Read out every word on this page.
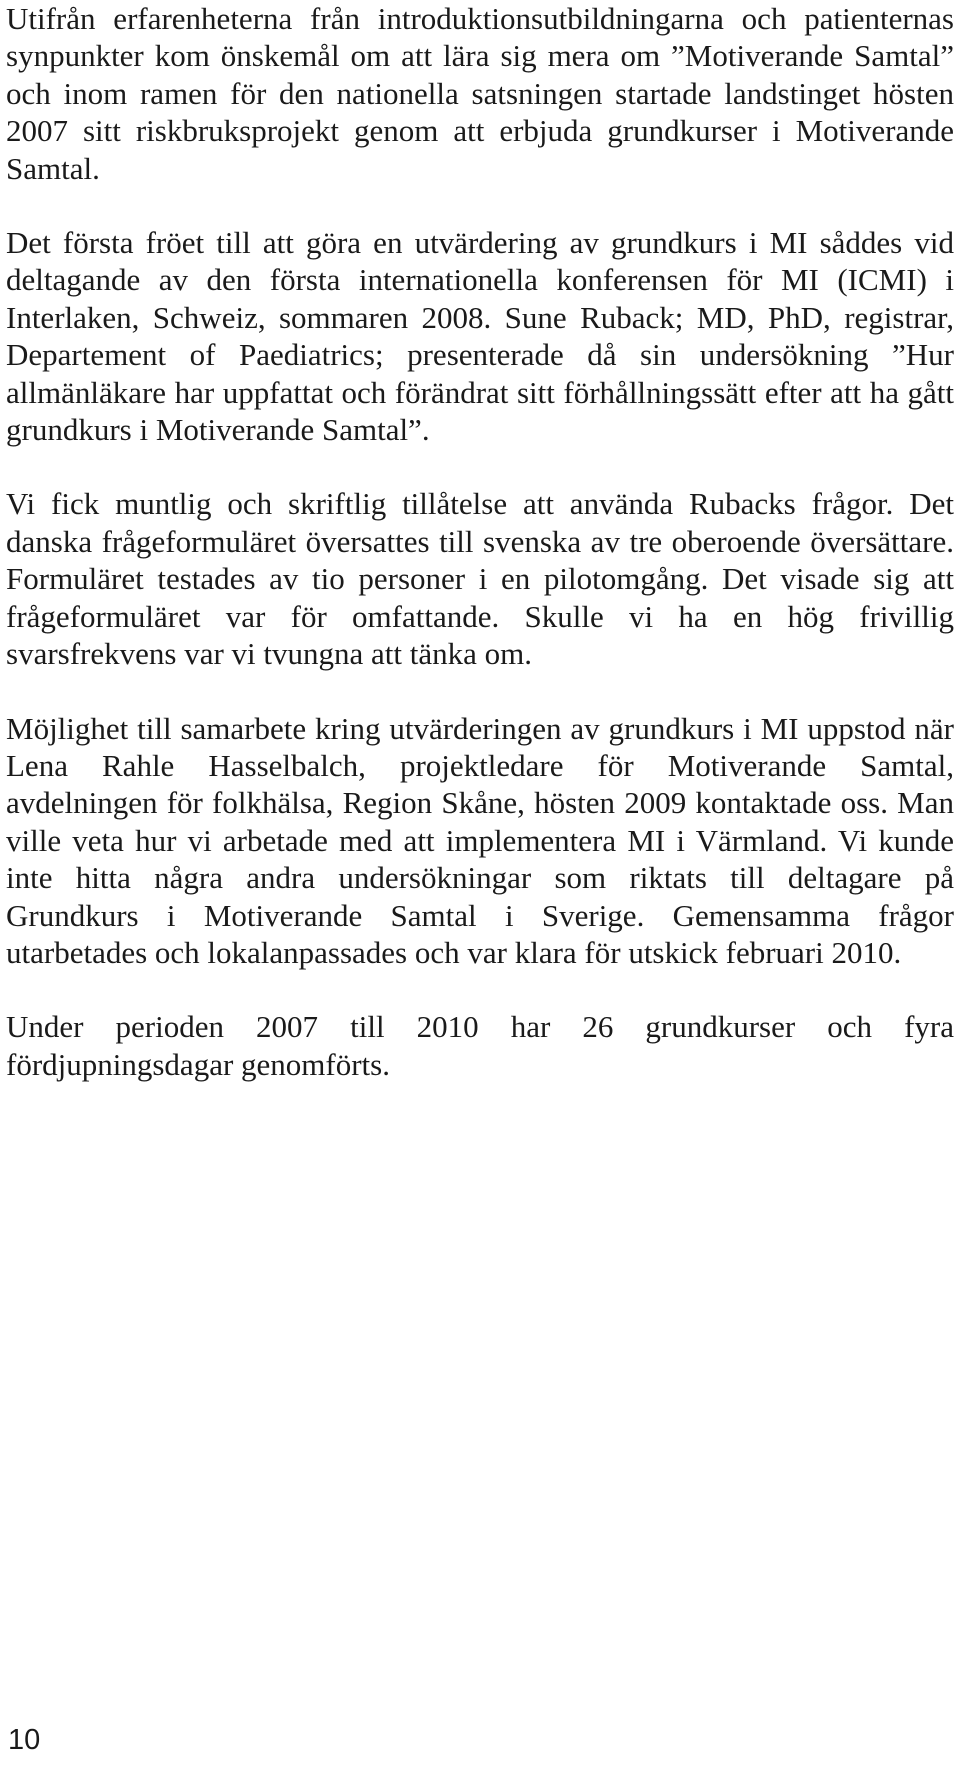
Utifrån erfarenheterna från introduktionsutbildningarna och patienternas synpunkter kom önskemål om att lära sig mera om ”Motiverande Samtal” och inom ramen för den nationella satsningen startade landstinget hösten 2007 sitt riskbruksprojekt genom att erbjuda grundkurser i Motiverande Samtal.

Det första fröet till att göra en utvärdering av grundkurs i MI såddes vid deltagande av den första internationella konferensen för MI (ICMI) i Interlaken, Schweiz, sommaren 2008. Sune Ruback; MD, PhD, registrar, Departement of Paediatrics; presenterade då sin undersökning ”Hur allmänläkare har uppfattat och förändrat sitt förhållningssätt efter att ha gått grundkurs i Motiverande Samtal”.

Vi fick muntlig och skriftlig tillåtelse att använda Rubacks frågor. Det danska frågeformuläret översattes till svenska av tre oberoende översättare. Formuläret testades av tio personer i en pilotomgång. Det visade sig att frågeformuläret var för omfattande. Skulle vi ha en hög frivillig svarsfrekvens var vi tvungna att tänka om.

Möjlighet till samarbete kring utvärderingen av grundkurs i MI uppstod när Lena Rahle Hasselbalch, projektledare för Motiverande Samtal, avdelningen för folkhälsa, Region Skåne, hösten 2009 kontaktade oss. Man ville veta hur vi arbetade med att implementera MI i Värmland. Vi kunde inte hitta några andra undersökningar som riktats till deltagare på Grundkurs i Motiverande Samtal i Sverige. Gemensamma frågor utarbetades och lokalanpassades och var klara för utskick februari 2010.

Under perioden 2007 till 2010 har 26 grundkurser och fyra fördjupningsdagar genomförts.

10
